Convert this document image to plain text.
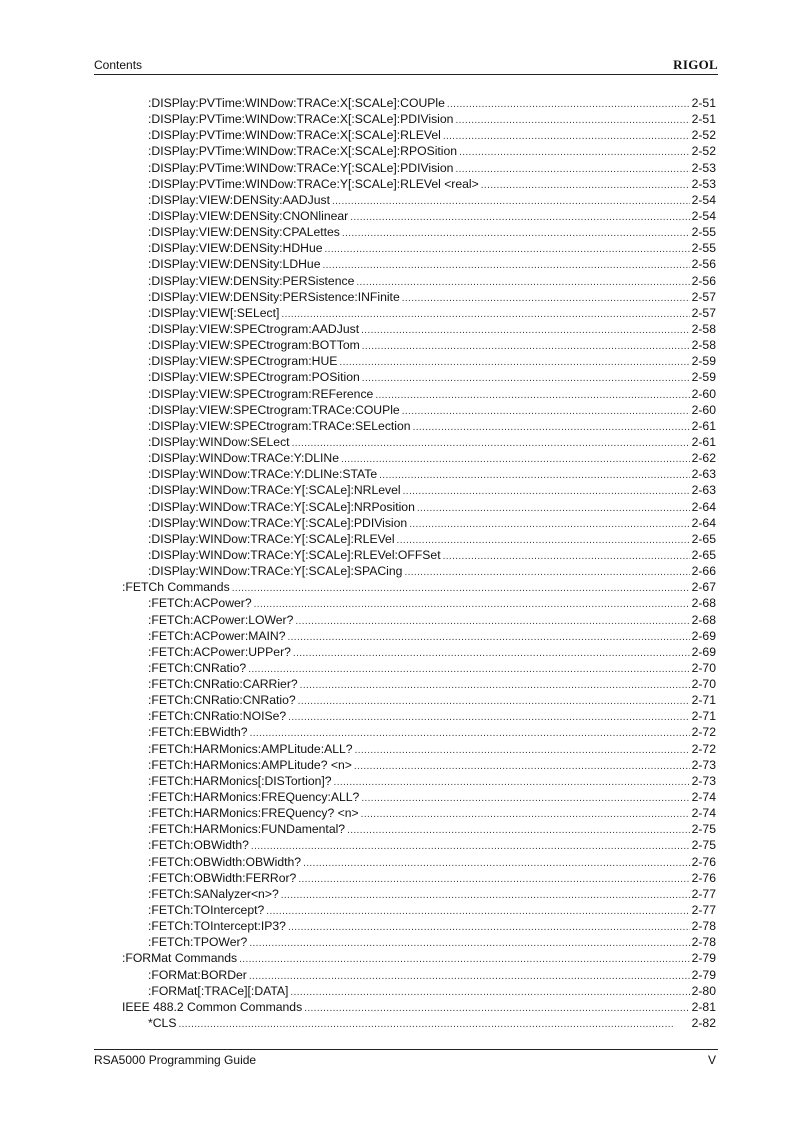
Contents	RIGOL
:DISPlay:PVTime:WINDow:TRACe:X[:SCALe]:COUPle . . .	2-51
:DISPlay:PVTime:WINDow:TRACe:X[:SCALe]:PDIVision . . .	2-51
:DISPlay:PVTime:WINDow:TRACe:X[:SCALe]:RLEVel . . .	2-52
:DISPlay:PVTime:WINDow:TRACe:X[:SCALe]:RPOSition . . .	2-52
:DISPlay:PVTime:WINDow:TRACe:Y[:SCALe]:PDIVision . . .	2-53
:DISPlay:PVTime:WINDow:TRACe:Y[:SCALe]:RLEVel <real> . . .	2-53
:DISPlay:VIEW:DENSity:AADJust . . .	2-54
:DISPlay:VIEW:DENSity:CNONlinear . . .	2-54
:DISPlay:VIEW:DENSity:CPALettes . . .	2-55
:DISPlay:VIEW:DENSity:HDHue . . .	2-55
:DISPlay:VIEW:DENSity:LDHue . . .	2-56
:DISPlay:VIEW:DENSity:PERSistence . . .	2-56
:DISPlay:VIEW:DENSity:PERSistence:INFinite . . .	2-57
:DISPlay:VIEW[:SELect] . . .	2-57
:DISPlay:VIEW:SPECtrogram:AADJust . . .	2-58
:DISPlay:VIEW:SPECtrogram:BOTTom . . .	2-58
:DISPlay:VIEW:SPECtrogram:HUE . . .	2-59
:DISPlay:VIEW:SPECtrogram:POSition . . .	2-59
:DISPlay:VIEW:SPECtrogram:REFerence . . .	2-60
:DISPlay:VIEW:SPECtrogram:TRACe:COUPle . . .	2-60
:DISPlay:VIEW:SPECtrogram:TRACe:SELection . . .	2-61
:DISPlay:WINDow:SELect . . .	2-61
:DISPlay:WINDow:TRACe:Y:DLINe . . .	2-62
:DISPlay:WINDow:TRACe:Y:DLINe:STATe . . .	2-63
:DISPlay:WINDow:TRACe:Y[:SCALe]:NRLevel . . .	2-63
:DISPlay:WINDow:TRACe:Y[:SCALe]:NRPosition . . .	2-64
:DISPlay:WINDow:TRACe:Y[:SCALe]:PDIVision . . .	2-64
:DISPlay:WINDow:TRACe:Y[:SCALe]:RLEVel . . .	2-65
:DISPlay:WINDow:TRACe:Y[:SCALe]:RLEVel:OFFSet . . .	2-65
:DISPlay:WINDow:TRACe:Y[:SCALe]:SPACing . . .	2-66
:FETCh Commands . . .	2-67
:FETCh:ACPower? . . .	2-68
:FETCh:ACPower:LOWer? . . .	2-68
:FETCh:ACPower:MAIN? . . .	2-69
:FETCh:ACPower:UPPer? . . .	2-69
:FETCh:CNRatio? . . .	2-70
:FETCh:CNRatio:CARRier? . . .	2-70
:FETCh:CNRatio:CNRatio? . . .	2-71
:FETCh:CNRatio:NOISe? . . .	2-71
:FETCh:EBWidth? . . .	2-72
:FETCh:HARMonics:AMPLitude:ALL? . . .	2-72
:FETCh:HARMonics:AMPLitude? <n> . . .	2-73
:FETCh:HARMonics[:DISTortion]? . . .	2-73
:FETCh:HARMonics:FREQuency:ALL? . . .	2-74
:FETCh:HARMonics:FREQuency? <n> . . .	2-74
:FETCh:HARMonics:FUNDamental? . . .	2-75
:FETCh:OBWidth? . . .	2-75
:FETCh:OBWidth:OBWidth? . . .	2-76
:FETCh:OBWidth:FERRor? . . .	2-76
:FETCh:SANalyzer<n>? . . .	2-77
:FETCh:TOIntercept? . . .	2-77
:FETCh:TOIntercept:IP3? . . .	2-78
:FETCh:TPOWer? . . .	2-78
:FORMat Commands . . .	2-79
:FORMat:BORDer . . .	2-79
:FORMat[:TRACe][:DATA] . . .	2-80
IEEE 488.2 Common Commands . . .	2-81
*CLS . . .	2-82
RSA5000 Programming Guide	V
